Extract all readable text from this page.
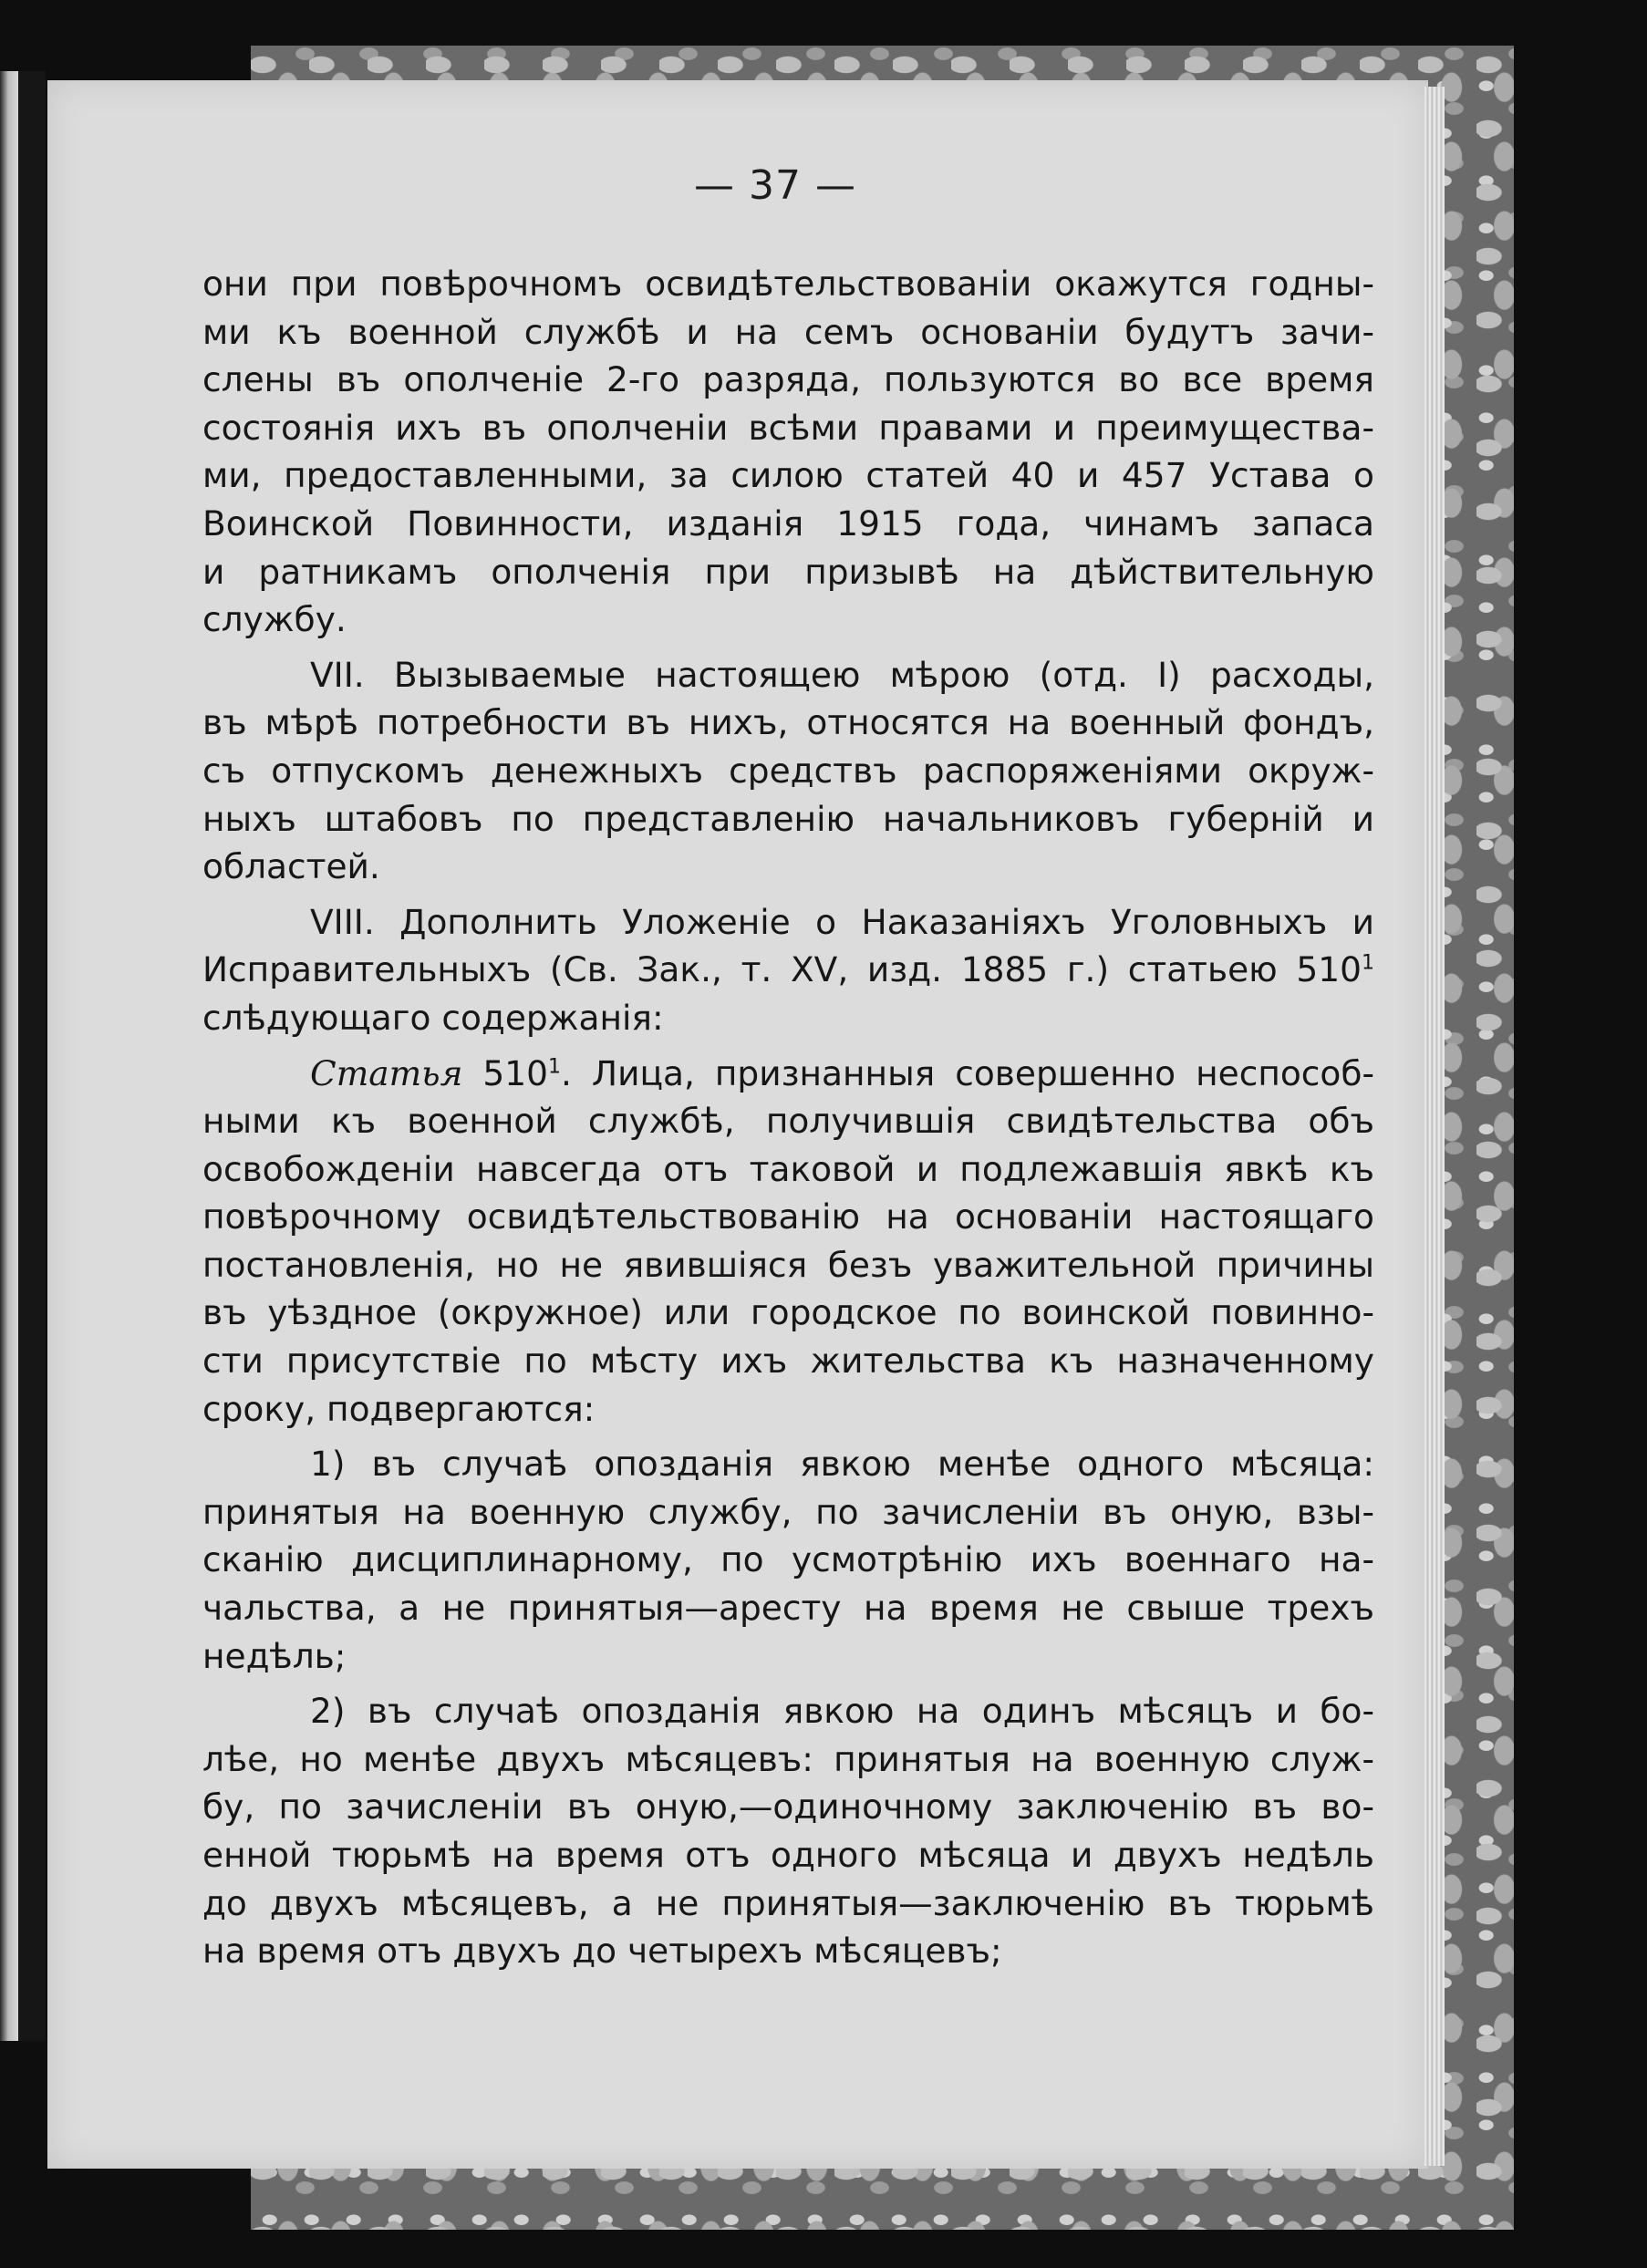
— 37 —
они при повѣрочномъ освидѣтельствованiи окажутся годны-
ми къ военной службѣ и на семъ основанiи будутъ зачи-
слены въ ополченiе 2-го разряда, пользуются во все время
состоянiя ихъ въ ополченiи всѣми правами и преимущества-
ми, предоставленными, за силою статей 40 и 457 Устава о
Воинской Повинности, изданiя 1915 года, чинамъ запаса
и ратникамъ ополченiя при призывѣ на дѣйствительную
службу.
VII. Вызываемые настоящею мѣрою (отд. I) расходы,
въ мѣрѣ потребности въ нихъ, относятся на военный фондъ,
съ отпускомъ денежныхъ средствъ распоряженiями окруж-
ныхъ штабовъ по представленiю начальниковъ губернiй и
областей.
VIII. Дополнить Уложенiе о Наказанiяхъ Уголовныхъ и
Исправительныхъ (Св. Зак., т. XV, изд. 1885 г.) статьею $510^1$
слѣдующаго содержанiя:
Статья $510^1$. Лица, признанныя совершенно неспособ-
ными къ военной службѣ, получившiя свидѣтельства объ
освобожденiи навсегда отъ таковой и подлежавшiя явкѣ къ
повѣрочному освидѣтельствованiю на основанiи настоящаго
постановленiя, но не явившiяся безъ уважительной причины
въ уѣздное (окружное) или городское по воинской повинно-
сти присутствiе по мѣсту ихъ жительства къ назначенному
сроку, подвергаются:
1) въ случаѣ опозданiя явкою менѣе одного мѣсяца:
принятыя на военную службу, по зачисленiи въ оную, взы-
сканiю дисциплинарному, по усмотрѣнiю ихъ военнаго на-
чальства, а не принятыя—аресту на время не свыше трехъ
недѣль;
2) въ случаѣ опозданiя явкою на одинъ мѣсяцъ и бо-
лѣе, но менѣе двухъ мѣсяцевъ: принятыя на военную служ-
бу, по зачисленiи въ оную,—одиночному заключенiю въ во-
енной тюрьмѣ на время отъ одного мѣсяца и двухъ недѣль
до двухъ мѣсяцевъ, а не принятыя—заключенiю въ тюрьмѣ
на время отъ двухъ до четырехъ мѣсяцевъ;
